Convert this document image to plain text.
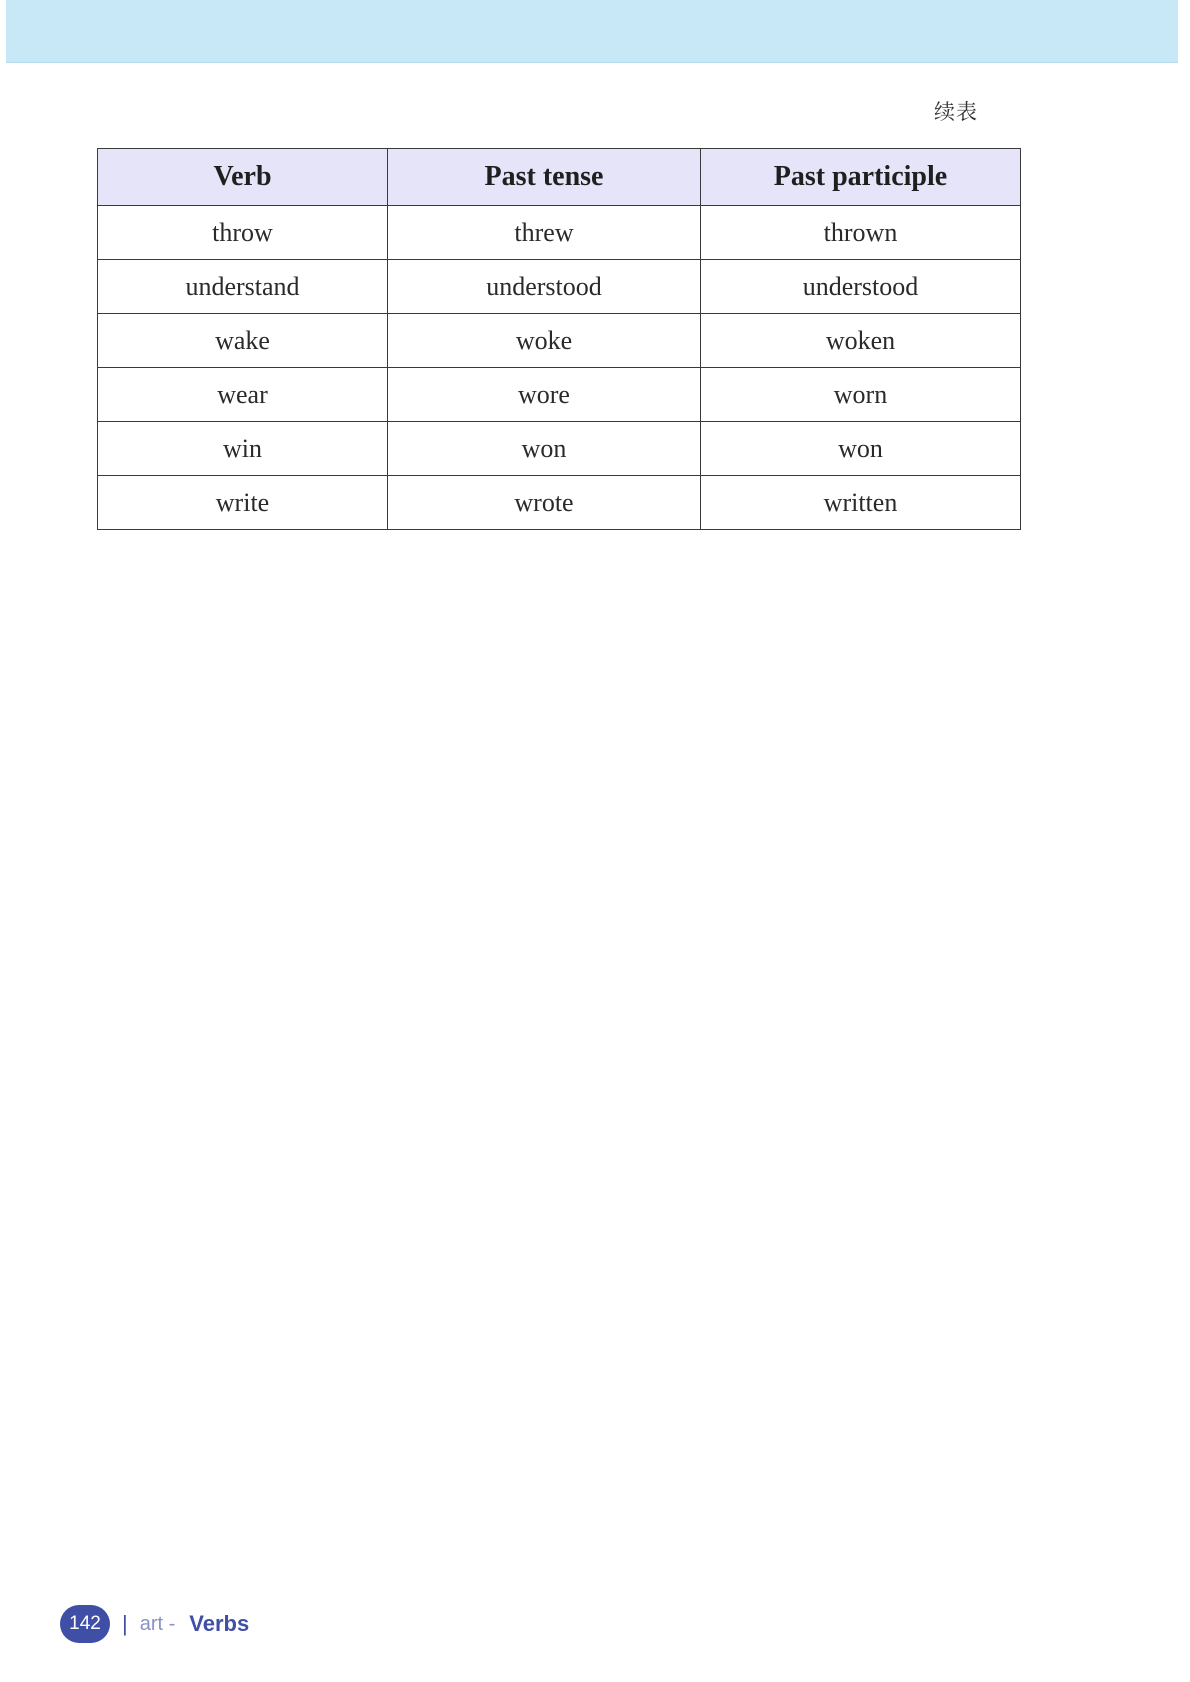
续表
Verb	Past tense	Past participle
throw	threw	thrown
understand	understood	understood
wake	woke	woken
wear	wore	worn
win	won	won
write	wrote	written
142 | art - Verbs
